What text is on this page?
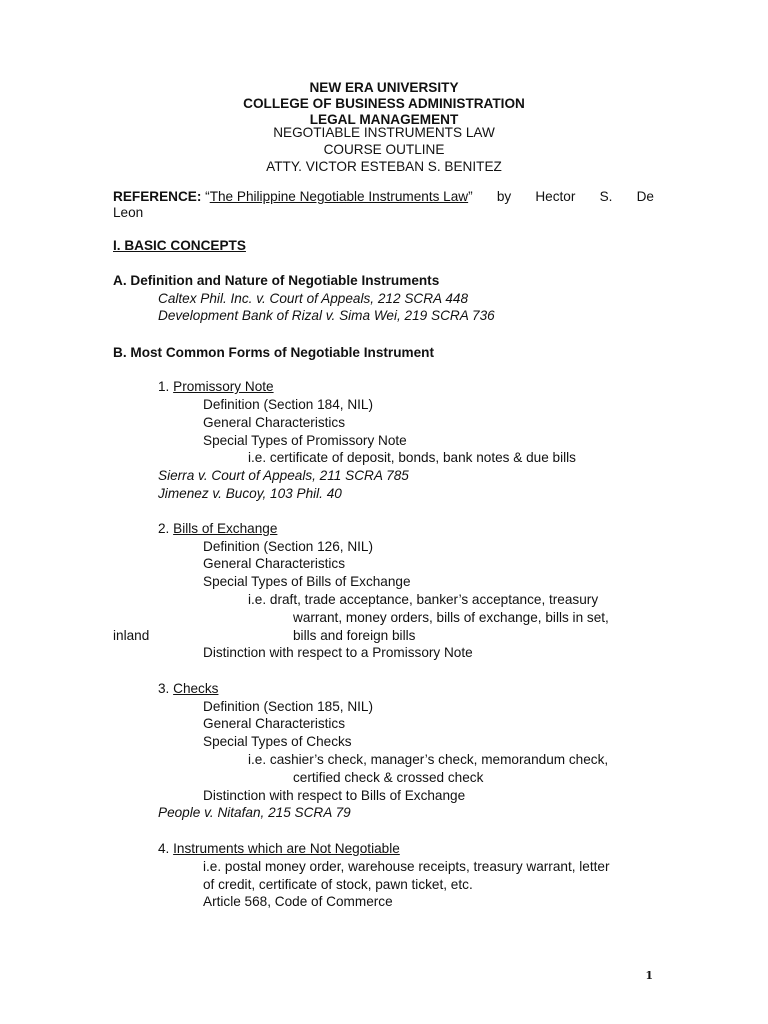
NEW ERA UNIVERSITY
COLLEGE OF BUSINESS ADMINISTRATION
LEGAL MANAGEMENT
NEGOTIABLE INSTRUMENTS LAW
COURSE OUTLINE
ATTY. VICTOR ESTEBAN S. BENITEZ
REFERENCE: “The Philippine Negotiable Instruments Law” by Hector S. De
Leon
I. BASIC CONCEPTS
A. Definition and Nature of Negotiable Instruments
Caltex Phil. Inc. v. Court of Appeals, 212 SCRA 448
Development Bank of Rizal v. Sima Wei, 219 SCRA 736
B. Most Common Forms of Negotiable Instrument
1. Promissory Note
Definition (Section 184, NIL)
General Characteristics
Special Types of Promissory Note
i.e. certificate of deposit, bonds, bank notes & due bills
Sierra v. Court of Appeals, 211 SCRA 785
Jimenez v. Bucoy, 103 Phil. 40
2. Bills of Exchange
Definition (Section 126, NIL)
General Characteristics
Special Types of Bills of Exchange
i.e. draft, trade acceptance, banker’s acceptance, treasury
warrant, money orders, bills of exchange, bills in set,
inland	bills and foreign bills
Distinction with respect to a Promissory Note
3. Checks
Definition (Section 185, NIL)
General Characteristics
Special Types of Checks
i.e. cashier’s check, manager’s check, memorandum check,
certified check & crossed check
Distinction with respect to Bills of Exchange
People v. Nitafan, 215 SCRA 79
4. Instruments which are Not Negotiable
i.e. postal money order, warehouse receipts, treasury warrant, letter
of credit, certificate of stock, pawn ticket, etc.
Article 568, Code of Commerce
1
